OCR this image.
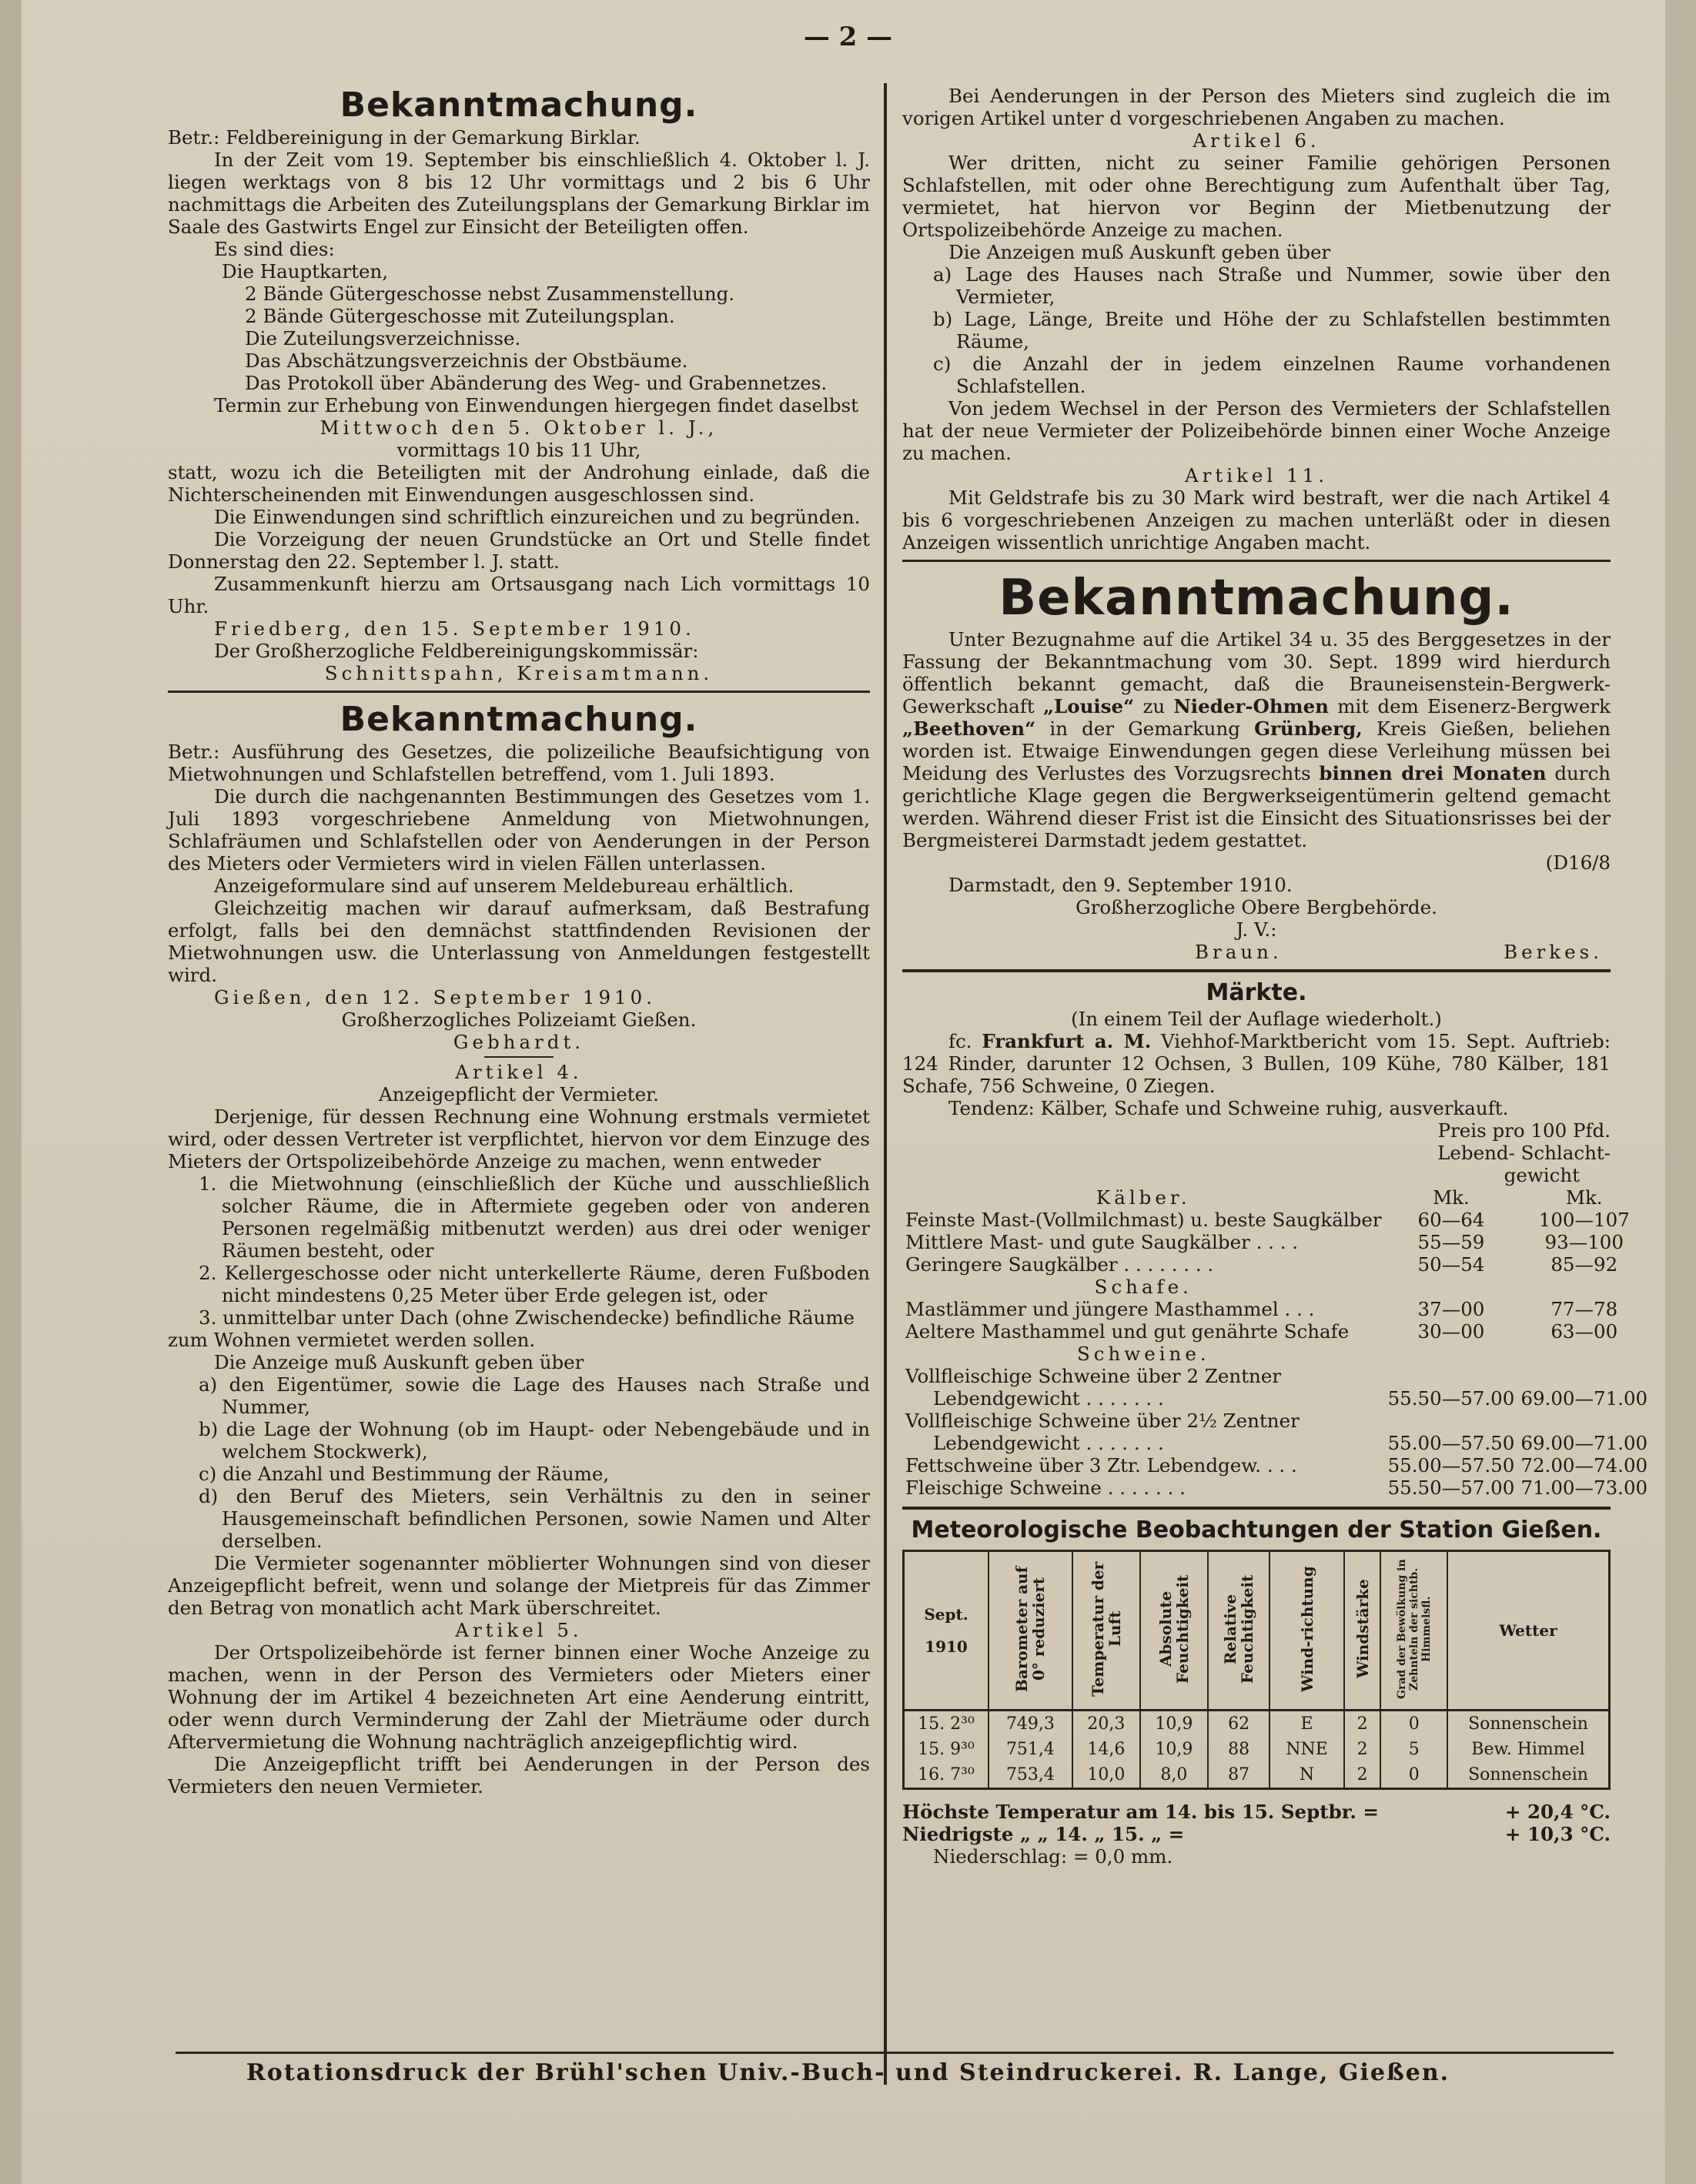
— 2 —
Bekanntmachung.

Betr.: Feldbereinigung in der Gemarkung Birklar.

In der Zeit vom 19. September bis einschließlich 4. Oktober l. J. liegen werktags von 8 bis 12 Uhr vormittags und 2 bis 6 Uhr nachmittags die Arbeiten des Zuteilungsplans der Gemarkung Birklar im Saale des Gastwirts Engel zur Einsicht der Beteiligten offen.

Es sind dies:

Die Hauptkarten,
2 Bände Gütergeschosse nebst Zusammenstellung.
2 Bände Gütergeschosse mit Zuteilungsplan.
Die Zuteilungsverzeichnisse.
Das Abschätzungsverzeichnis der Obstbäume.
Das Protokoll über Abänderung des Weg- und Grabennetzes.

Termin zur Erhebung von Einwendungen hiergegen findet daselbst

Mittwoch den 5. Oktober l. J.,
vormittags 10 bis 11 Uhr,

statt, wozu ich die Beteiligten mit der Androhung einlade, daß die Nichterscheinenden mit Einwendungen ausgeschlossen sind.

Die Einwendungen sind schriftlich einzureichen und zu begründen.

Die Vorzeigung der neuen Grundstücke an Ort und Stelle findet Donnerstag den 22. September l. J. statt.

Zusammenkunft hierzu am Ortsausgang nach Lich vormittags 10 Uhr.

Friedberg, den 15. September 1910.
Der Großherzogliche Feldbereinigungskommissär:
Schnittspahn, Kreisamtmann.
Bekanntmachung.

Betr.: Ausführung des Gesetzes, die polizeiliche Beaufsichtigung von Mietwohnungen und Schlafstellen betreffend, vom 1. Juli 1893.

Die durch die nachgenannten Bestimmungen des Gesetzes vom 1. Juli 1893 vorgeschriebene Anmeldung von Mietwohnungen, Schlafräumen und Schlafstellen oder von Aenderungen in der Person des Mieters oder Vermieters wird in vielen Fällen unterlassen.

Anzeigeformulare sind auf unserem Meldebureau erhältlich.

Gleichzeitig machen wir darauf aufmerksam, daß Bestrafung erfolgt, falls bei den demnächst stattfindenden Revisionen der Mietwohnungen usw. die Unterlassung von Anmeldungen festgestellt wird.

Gießen, den 12. September 1910.
Großherzogliches Polizeiamt Gießen.
Gebhardt.
Artikel 4.
Anzeigepflicht der Vermieter.

Derjenige, für dessen Rechnung eine Wohnung erstmals vermietet wird, oder dessen Vertreter ist verpflichtet, hiervon vor dem Einzuge des Mieters der Ortspolizeibehörde Anzeige zu machen, wenn entweder

1. die Mietwohnung (einschließlich der Küche und ausschließlich solcher Räume, die in Aftermiete gegeben oder von anderen Personen regelmäßig mitbenutzt werden) aus drei oder weniger Räumen besteht, oder

2. Kellergeschosse oder nicht unterkellerte Räume, deren Fußboden nicht mindestens 0,25 Meter über Erde gelegen ist, oder

3. unmittelbar unter Dach (ohne Zwischendecke) befindliche Räume

zum Wohnen vermietet werden sollen.

Die Anzeige muß Auskunft geben über

a) den Eigentümer, sowie die Lage des Hauses nach Straße und Nummer,

b) die Lage der Wohnung (ob im Haupt- oder Nebengebäude und in welchem Stockwerk),

c) die Anzahl und Bestimmung der Räume,

d) den Beruf des Mieters, sein Verhältnis zu den in seiner Hausgemeinschaft befindlichen Personen, sowie Namen und Alter derselben.

Die Vermieter sogenannter möblierter Wohnungen sind von dieser Anzeigepflicht befreit, wenn und solange der Mietpreis für das Zimmer den Betrag von monatlich acht Mark überschreitet.

Artikel 5.

Der Ortspolizeibehörde ist ferner binnen einer Woche Anzeige zu machen, wenn in der Person des Vermieters oder Mieters einer Wohnung der im Artikel 4 bezeichneten Art eine Aenderung eintritt, oder wenn durch Verminderung der Zahl der Mieträume oder durch Aftervermietung die Wohnung nachträglich anzeigepflichtig wird.

Die Anzeigepflicht trifft bei Aenderungen in der Person des Vermieters den neuen Vermieter.

Bei Aenderungen in der Person des Mieters sind zugleich die im vorigen Artikel unter d vorgeschriebenen Angaben zu machen.

Artikel 6.

Wer dritten, nicht zu seiner Familie gehörigen Personen Schlafstellen, mit oder ohne Berechtigung zum Aufenthalt über Tag, vermietet, hat hiervon vor Beginn der Mietbenutzung der Ortspolizeibehörde Anzeige zu machen.

Die Anzeigen muß Auskunft geben über

a) Lage des Hauses nach Straße und Nummer, sowie über den Vermieter,

b) Lage, Länge, Breite und Höhe der zu Schlafstellen bestimmten Räume,

c) die Anzahl der in jedem einzelnen Raume vorhandenen Schlafstellen.

Von jedem Wechsel in der Person des Vermieters der Schlafstellen hat der neue Vermieter der Polizeibehörde binnen einer Woche Anzeige zu machen.

Artikel 11.

Mit Geldstrafe bis zu 30 Mark wird bestraft, wer die nach Artikel 4 bis 6 vorgeschriebenen Anzeigen zu machen unterläßt oder in diesen Anzeigen wissentlich unrichtige Angaben macht.

Bekanntmachung.

Unter Bezugnahme auf die Artikel 34 u. 35 des Berggesetzes in der Fassung der Bekanntmachung vom 30. Sept. 1899 wird hierdurch öffentlich bekannt gemacht, daß die Brauneisenstein-Bergwerk-Gewerkschaft „Louise“ zu Nieder-Ohmen mit dem Eisenerz-Bergwerk „Beethoven“ in der Gemarkung Grünberg, Kreis Gießen, beliehen worden ist. Etwaige Einwendungen gegen diese Verleihung müssen bei Meidung des Verlustes des Vorzugsrechts binnen drei Monaten durch gerichtliche Klage gegen die Bergwerkseigentümerin geltend gemacht werden. Während dieser Frist ist die Einsicht des Situationsrisses bei der Bergmeisterei Darmstadt jedem gestattet.

(D16/8
Darmstadt, den 9. September 1910.
Großherzogliche Obere Bergbehörde.
J. V.:
Braun.	Berkes.
Märkte.
(In einem Teil der Auflage wiederholt.)

fc. Frankfurt a. M. Viehhof-Marktbericht vom 15. Sept. Auftrieb: 124 Rinder, darunter 12 Ochsen, 3 Bullen, 109 Kühe, 780 Kälber, 181 Schafe, 756 Schweine, 0 Ziegen.

Tendenz: Kälber, Schafe und Schweine ruhig, ausverkauft.

Preis pro 100 Pfd.
Lebend- Schlacht-
gewicht
Kälber.	Mk.	Mk.
Feinste Mast-(Vollmilchmast) u. beste Saugkälber	60—64	100—107
Mittlere Mast- und gute Saugkälber . . . .	55—59	93—100
Geringere Saugkälber . . . . . . . .	50—54	85—92
Schafe.		
Mastlämmer und jüngere Masthammel . . .	37—00	77—78
Aeltere Masthammel und gut genährte Schafe	30—00	63—00
Schweine.		
Vollfleischige Schweine über 2 Zentner		
Lebendgewicht . . . . . . .	55.50—57.00	69.00—71.00
Vollfleischige Schweine über 2½ Zentner		
Lebendgewicht . . . . . . .	55.00—57.50	69.00—71.00
Fettschweine über 3 Ztr. Lebendgew. . . .	55.00—57.50	72.00—74.00
Fleischige Schweine . . . . . . .	55.50—57.00	71.00—73.00
Meteorologische Beobachtungen der Station Gießen.
Sept.
1910	Barometer auf 0° reduziert	Temperatur der Luft	Absolute Feuchtigkeit	Relative Feuchtigkeit	Wind-richtung	Windstärke	Grad der Bewölkung in Zehnteln der sichtb. Himmelsfl.	Wetter
15. 2³⁰	749,3	20,3	10,9	62	E	2	0	Sonnenschein
15. 9³⁰	751,4	14,6	10,9	88	NNE	2	5	Bew. Himmel
16. 7³⁰	753,4	10,0	8,0	87	N	2	0	Sonnenschein
Höchste Temperatur am 14. bis 15. Septbr. =	+ 20,4 °C.
Niedrigste „ „ 14. „ 15. „ =	+ 10,3 °C.
Niederschlag: = 0,0 mm.
Rotationsdruck der Brühl'schen Univ.-Buch- und Steindruckerei. R. Lange, Gießen.
